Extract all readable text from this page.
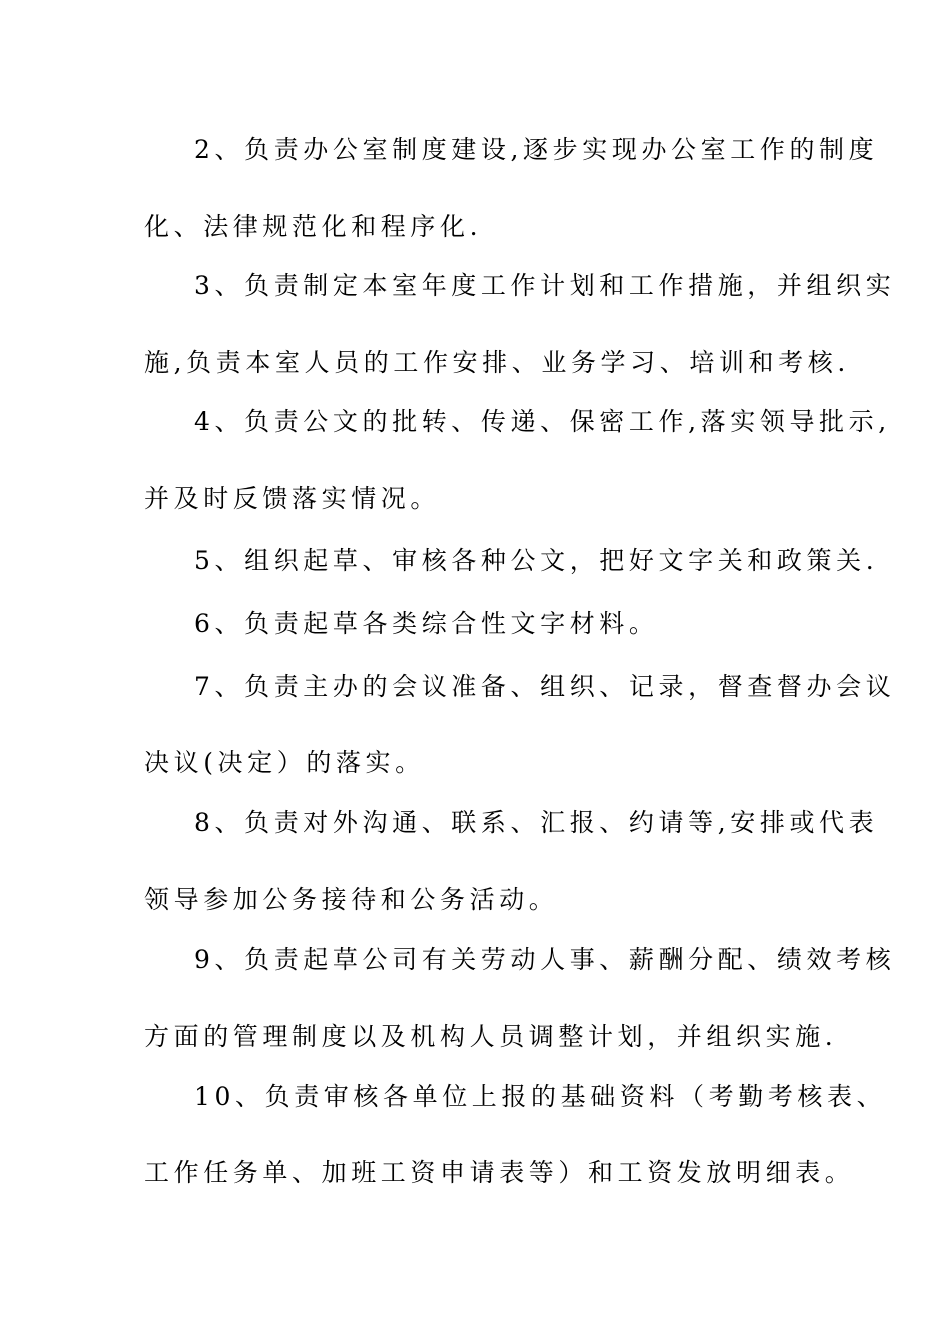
2、负责办公室制度建设,逐步实现办公室工作的制度
化、法律规范化和程序化.
3、负责制定本室年度工作计划和工作措施，并组织实
施,负责本室人员的工作安排、业务学习、培训和考核.
4、负责公文的批转、传递、保密工作,落实领导批示,
并及时反馈落实情况。
5、组织起草、审核各种公文，把好文字关和政策关.
6、负责起草各类综合性文字材料。
7、负责主办的会议准备、组织、记录，督查督办会议
决议(决定）的落实。
8、负责对外沟通、联系、汇报、约请等,安排或代表
领导参加公务接待和公务活动。
9、负责起草公司有关劳动人事、薪酬分配、绩效考核
方面的管理制度以及机构人员调整计划，并组织实施.
10、负责审核各单位上报的基础资料（考勤考核表、
工作任务单、加班工资申请表等）和工资发放明细表。
